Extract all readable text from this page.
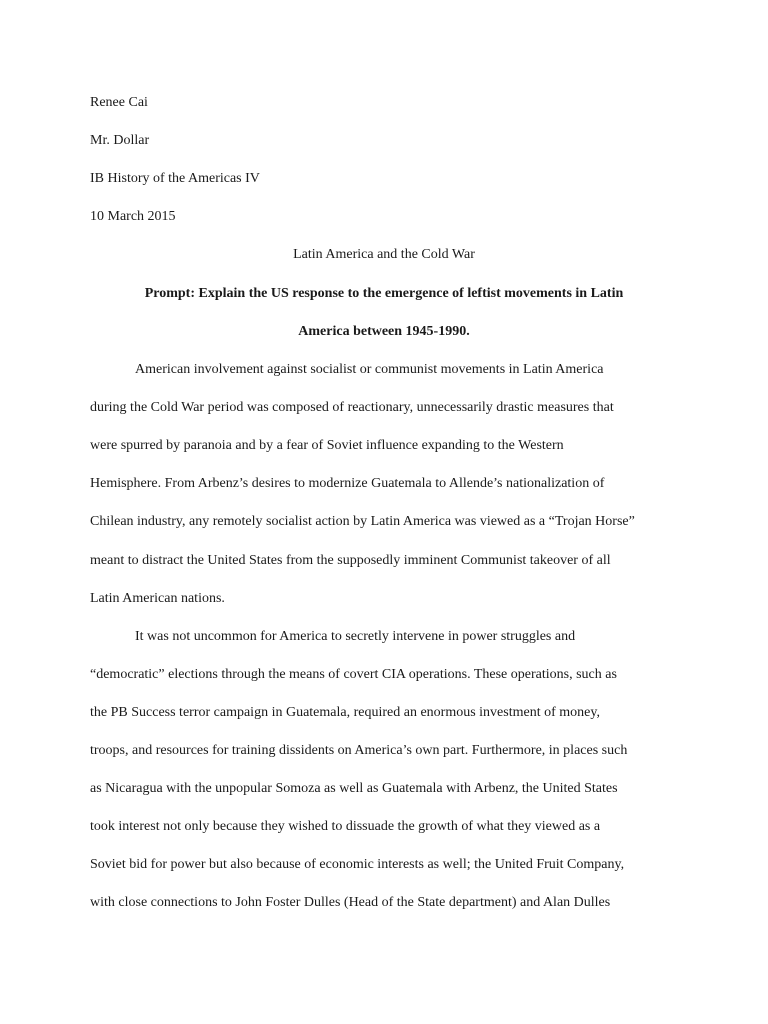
Renee Cai
Mr. Dollar
IB History of the Americas IV
10 March 2015
Latin America and the Cold War
Prompt: Explain the US response to the emergence of leftist movements in Latin
America between 1945-1990.
American involvement against socialist or communist movements in Latin America
during the Cold War period was composed of reactionary, unnecessarily drastic measures that
were spurred by paranoia and by a fear of Soviet influence expanding to the Western
Hemisphere. From Arbenz’s desires to modernize Guatemala to Allende’s nationalization of
Chilean industry, any remotely socialist action by Latin America was viewed as a “Trojan Horse”
meant to distract the United States from the supposedly imminent Communist takeover of all
Latin American nations.
It was not uncommon for America to secretly intervene in power struggles and
“democratic” elections through the means of covert CIA operations. These operations, such as
the PB Success terror campaign in Guatemala, required an enormous investment of money,
troops, and resources for training dissidents on America’s own part. Furthermore, in places such
as Nicaragua with the unpopular Somoza as well as Guatemala with Arbenz, the United States
took interest not only because they wished to dissuade the growth of what they viewed as a
Soviet bid for power but also because of economic interests as well; the United Fruit Company,
with close connections to John Foster Dulles (Head of the State department) and Alan Dulles
